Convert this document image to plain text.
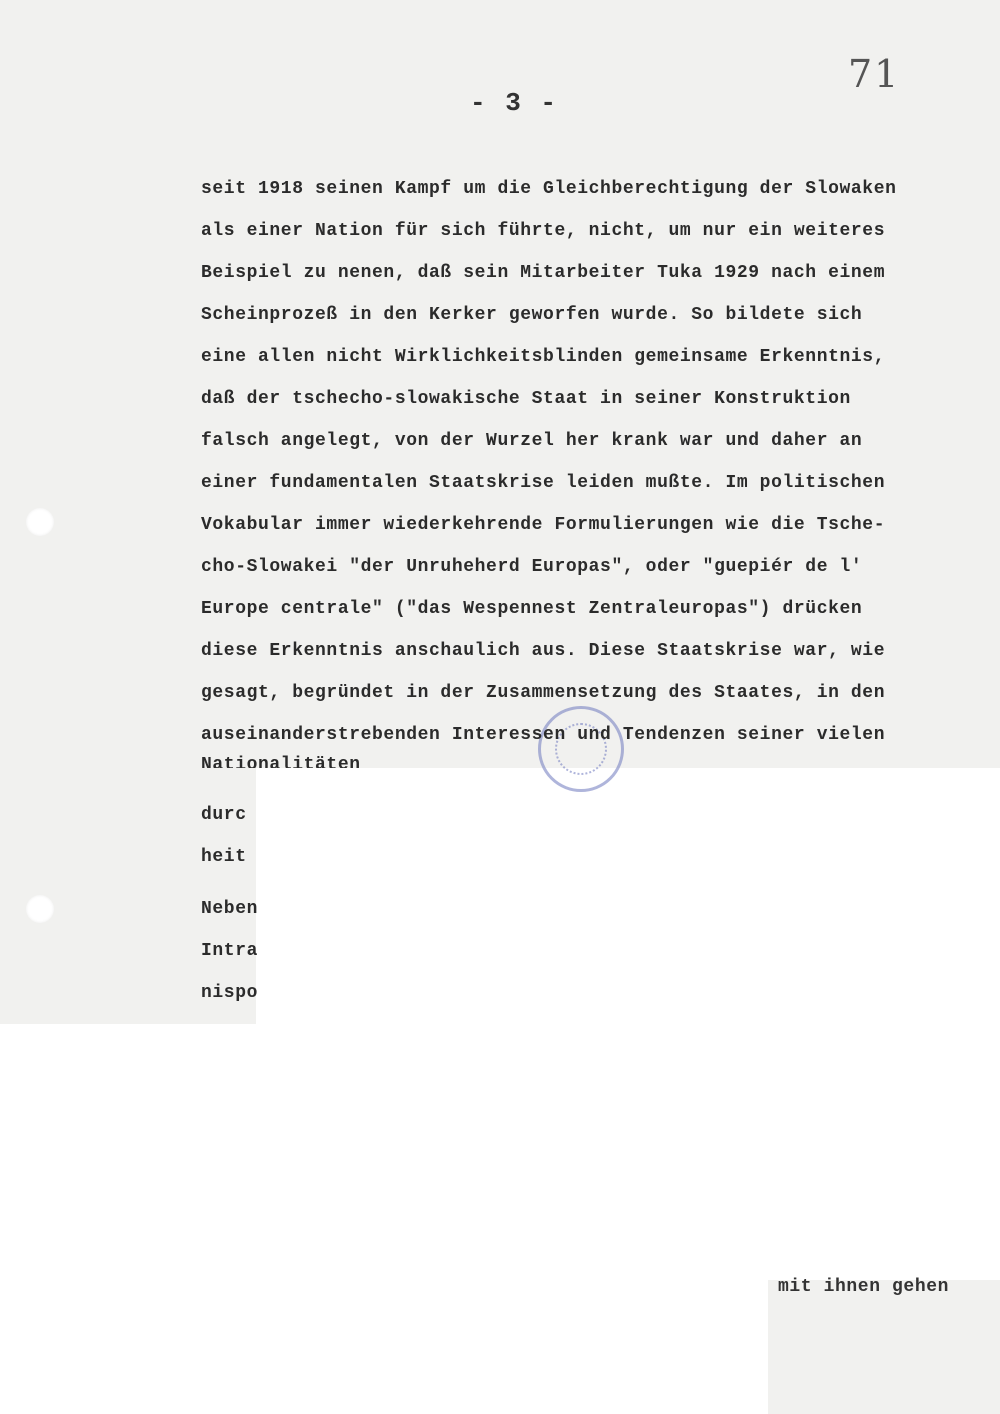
71
- 3 -
seit 1918 seinen Kampf um die Gleichberechtigung der Slowaken
als einer Nation für sich führte, nicht, um nur ein weiteres
Beispiel zu nenen, daß sein Mitarbeiter Tuka 1929 nach einem
Scheinprozeß in den Kerker geworfen wurde. So bildete sich
eine allen nicht Wirklichkeitsblinden gemeinsame Erkenntnis,
daß der tschecho-slowakische Staat in seiner Konstruktion
falsch angelegt, von der Wurzel her krank war und daher an
einer fundamentalen Staatskrise leiden mußte. Im politischen
Vokabular immer wiederkehrende Formulierungen wie die Tsche-
cho-Slowakei "der Unruheherd Europas", oder "guepiér de l'
Europe centrale" ("das Wespennest Zentraleuropas") drücken
diese Erkenntnis anschaulich aus. Diese Staatskrise war, wie
gesagt, begründet in der Zusammensetzung des Staates, in den
auseinanderstrebenden Interessen und Tendenzen seiner vielen
Nationalitäten
durc
heit
Neben
Intra
nispo
mit ihnen gehen
